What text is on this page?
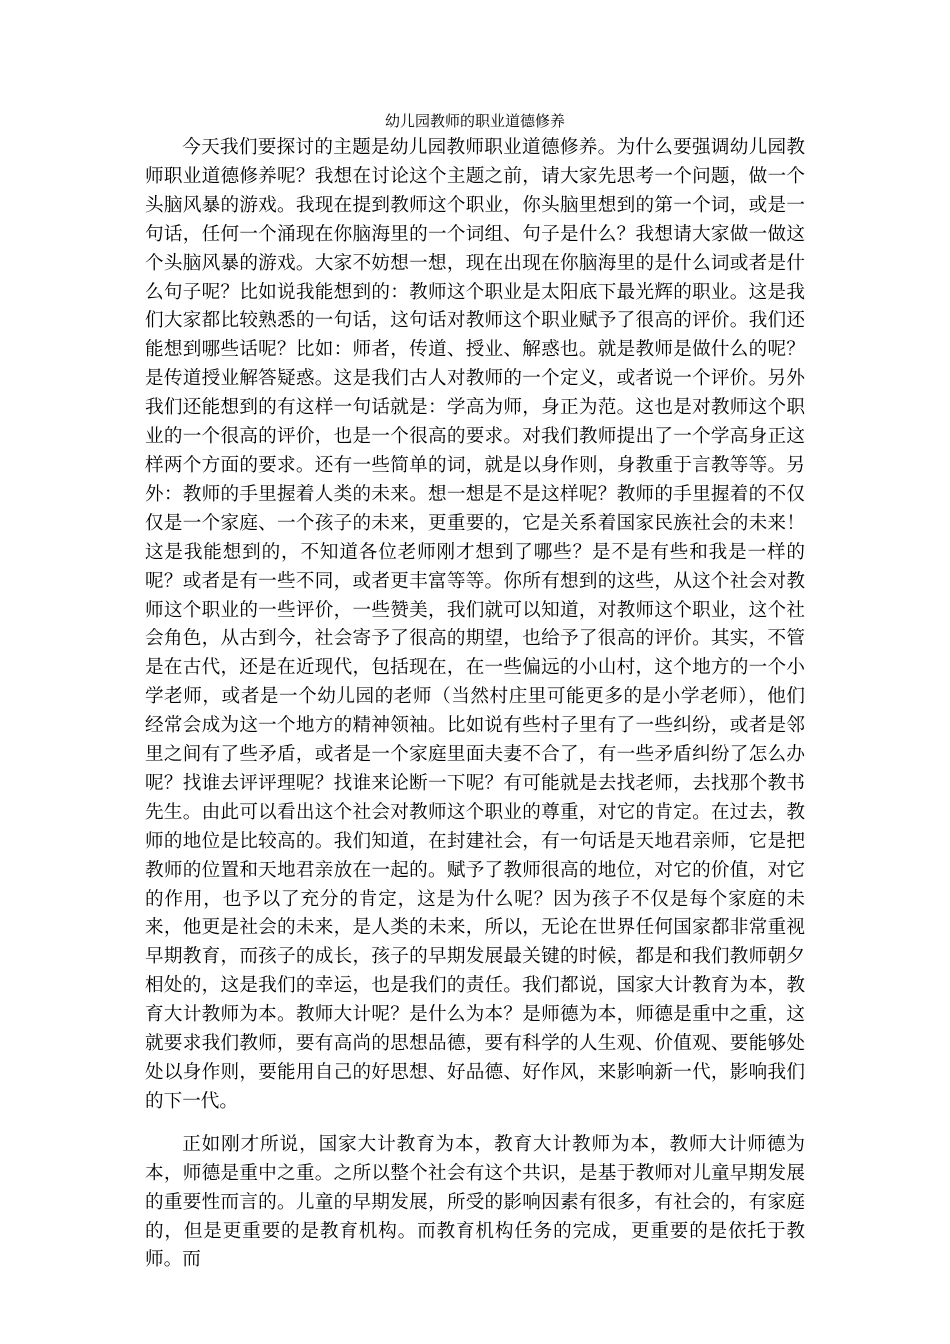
幼儿园教师的职业道德修养

今天我们要探讨的主题是幼儿园教师职业道德修养。为什么要强调幼儿园教师职业道德修养呢？我想在讨论这个主题之前，请大家先思考一个问题，做一个头脑风暴的游戏。我现在提到教师这个职业，你头脑里想到的第一个词，或是一句话，任何一个涌现在你脑海里的一个词组、句子是什么？我想请大家做一做这个头脑风暴的游戏。大家不妨想一想，现在出现在你脑海里的是什么词或者是什么句子呢？比如说我能想到的：教师这个职业是太阳底下最光辉的职业。这是我们大家都比较熟悉的一句话，这句话对教师这个职业赋予了很高的评价。我们还能想到哪些话呢？比如：师者，传道、授业、解惑也。就是教师是做什么的呢？是传道授业解答疑惑。这是我们古人对教师的一个定义，或者说一个评价。另外我们还能想到的有这样一句话就是：学高为师，身正为范。这也是对教师这个职业的一个很高的评价，也是一个很高的要求。对我们教师提出了一个学高身正这样两个方面的要求。还有一些简单的词，就是以身作则，身教重于言教等等。另外：教师的手里握着人类的未来。想一想是不是这样呢？教师的手里握着的不仅仅是一个家庭、一个孩子的未来，更重要的，它是关系着国家民族社会的未来！这是我能想到的，不知道各位老师刚才想到了哪些？是不是有些和我是一样的呢？或者是有一些不同，或者更丰富等等。你所有想到的这些，从这个社会对教师这个职业的一些评价，一些赞美，我们就可以知道，对教师这个职业，这个社会角色，从古到今，社会寄予了很高的期望，也给予了很高的评价。其实，不管是在古代，还是在近现代，包括现在，在一些偏远的小山村，这个地方的一个小学老师，或者是一个幼儿园的老师（当然村庄里可能更多的是小学老师），他们经常会成为这一个地方的精神领袖。比如说有些村子里有了一些纠纷，或者是邻里之间有了些矛盾，或者是一个家庭里面夫妻不合了，有一些矛盾纠纷了怎么办呢？找谁去评评理呢？找谁来论断一下呢？有可能就是去找老师，去找那个教书先生。由此可以看出这个社会对教师这个职业的尊重，对它的肯定。在过去，教师的地位是比较高的。我们知道，在封建社会，有一句话是天地君亲师，它是把教师的位置和天地君亲放在一起的。赋予了教师很高的地位，对它的价值，对它的作用，也予以了充分的肯定，这是为什么呢？因为孩子不仅是每个家庭的未来，他更是社会的未来，是人类的未来，所以，无论在世界任何国家都非常重视早期教育，而孩子的成长，孩子的早期发展最关键的时候，都是和我们教师朝夕相处的，这是我们的幸运，也是我们的责任。我们都说，国家大计教育为本，教育大计教师为本。教师大计呢？是什么为本？是师德为本，师德是重中之重，这就要求我们教师，要有高尚的思想品德，要有科学的人生观、价值观、要能够处处以身作则，要能用自己的好思想、好品德、好作风，来影响新一代，影响我们的下一代。

正如刚才所说，国家大计教育为本，教育大计教师为本，教师大计师德为本，师德是重中之重。之所以整个社会有这个共识，是基于教师对儿童早期发展的重要性而言的。儿童的早期发展，所受的影响因素有很多，有社会的，有家庭的，但是更重要的是教育机构。而教育机构任务的完成，更重要的是依托于教师。而
